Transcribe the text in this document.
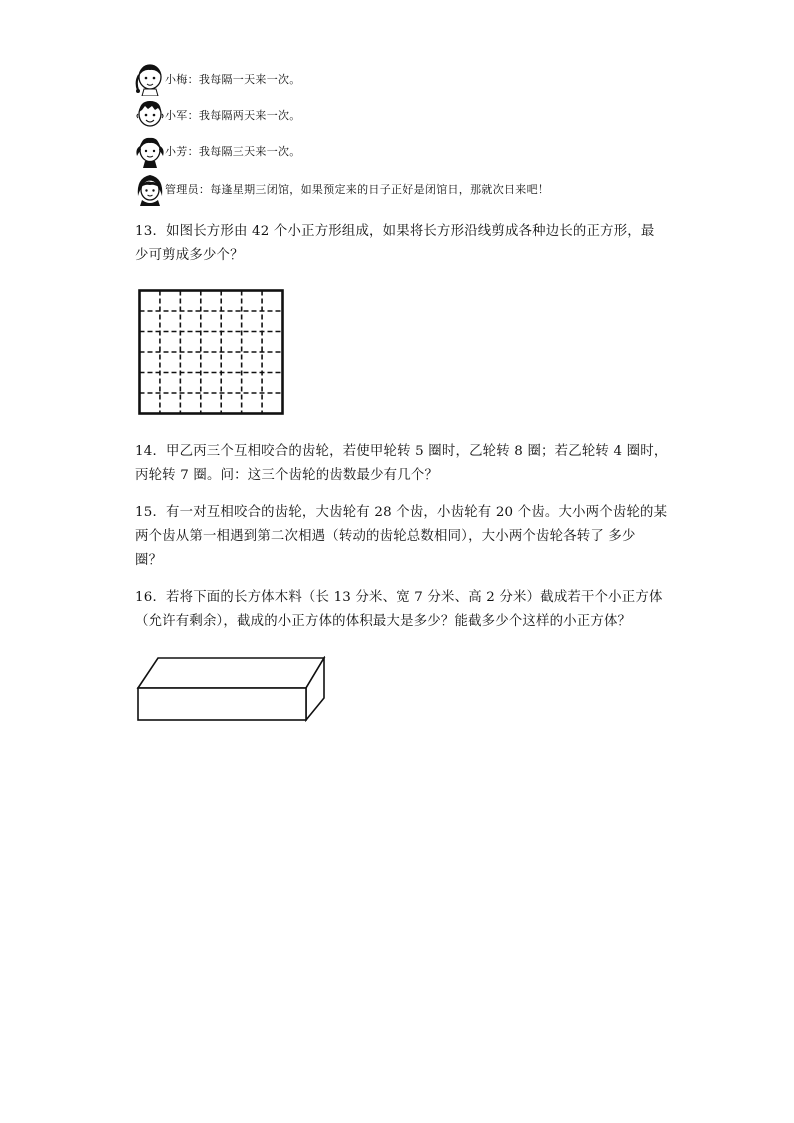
小梅：我每隔一天来一次。
小军：我每隔两天来一次。
小芳：我每隔三天来一次。
管理员：每逢星期三闭馆，如果预定来的日子正好是闭馆日，那就次日来吧！

13．如图长方形由 42 个小正方形组成，如果将长方形沿线剪成各种边长的正方形，最

少可剪成多少个？

14．甲乙丙三个互相咬合的齿轮，若使甲轮转 5 圈时，乙轮转 8 圈；若乙轮转 4 圈时，

丙轮转 7 圈。问：这三个齿轮的齿数最少有几个？

15．有一对互相咬合的齿轮，大齿轮有 28 个齿，小齿轮有 20 个齿。大小两个齿轮的某

两个齿从第一相遇到第二次相遇（转动的齿轮总数相同），大小两个齿轮各转了 多少

圈？

16．若将下面的长方体木料（长 13 分米、宽 7 分米、高 2 分米）截成若干个小正方体

（允许有剩余），截成的小正方体的体积最大是多少？能截多少个这样的小正方体？
